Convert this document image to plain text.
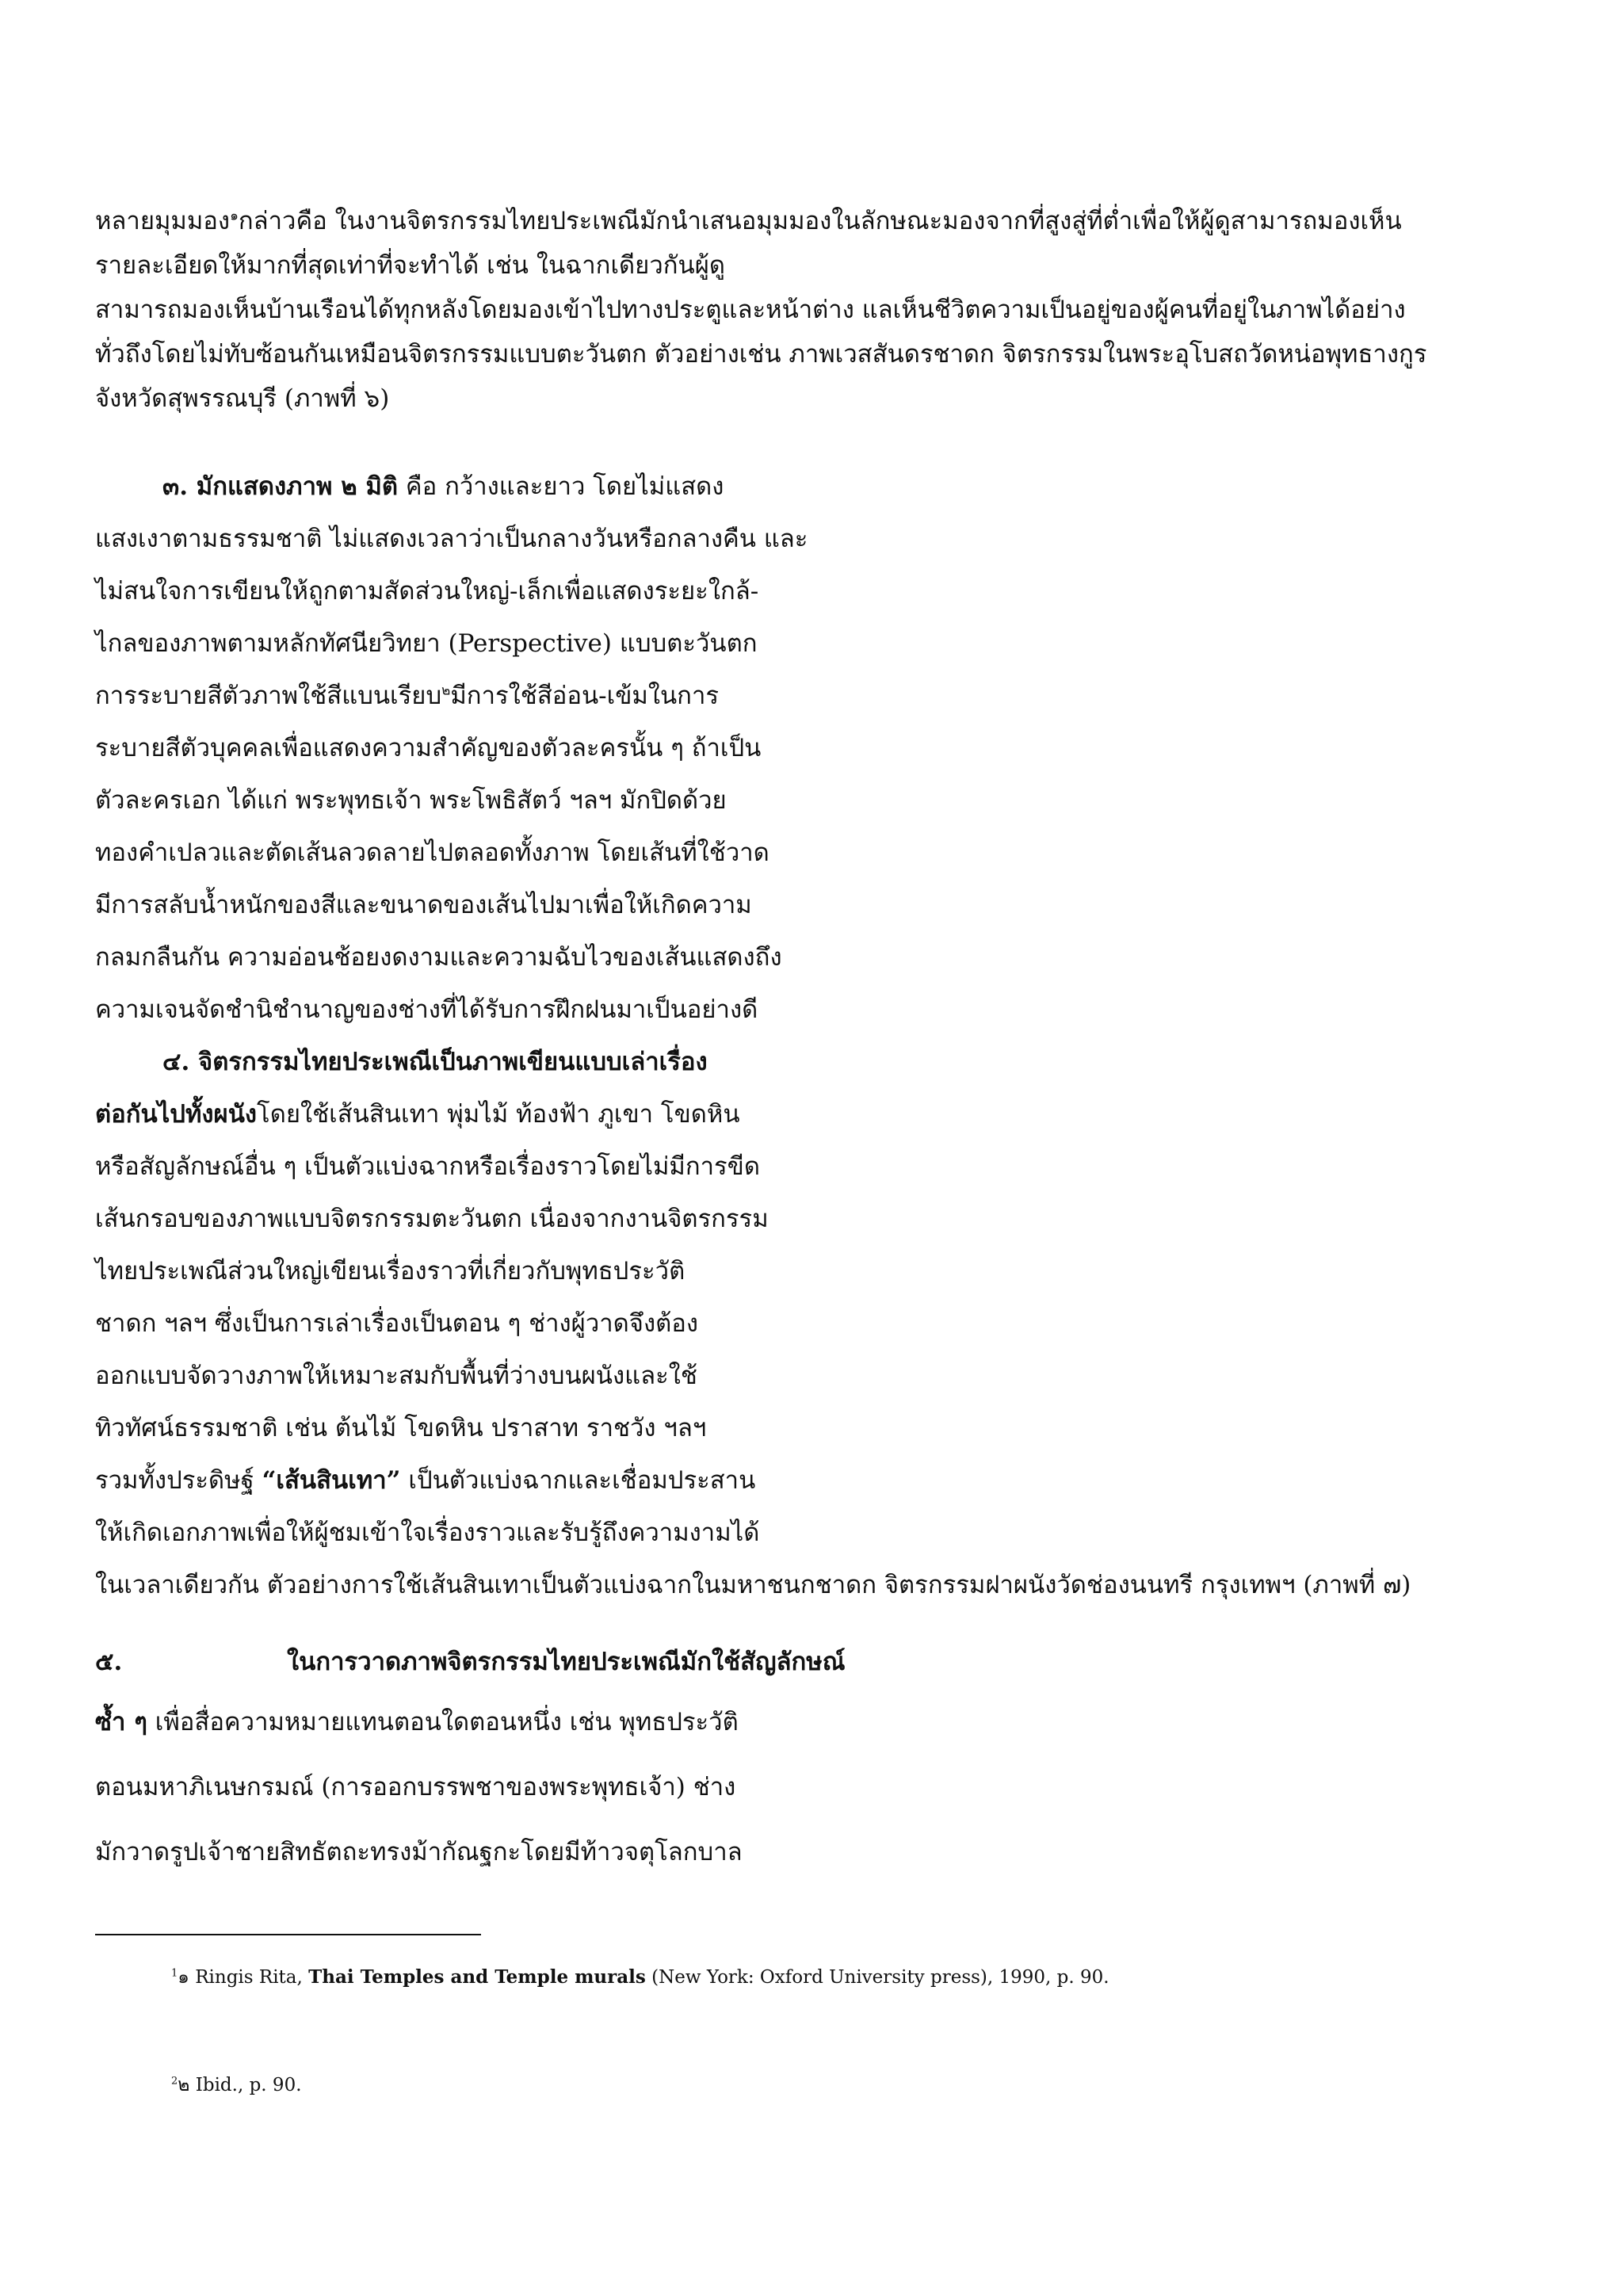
หลายมุมมอง$^๑$กล่าวคือ ในงานจิตรกรรมไทยประเพณีมักนำเสนอมุมมองในลักษณะมองจากที่สูงสู่ที่ต่ำเพื่อให้ผู้ดูสามารถมองเห็น

รายละเอียดให้มากที่สุดเท่าที่จะทำได้ เช่น ในฉากเดียวกันผู้ดู

สามารถมองเห็นบ้านเรือนได้ทุกหลังโดยมองเข้าไปทางประตูและหน้าต่าง แลเห็นชีวิตความเป็นอยู่ของผู้คนที่อยู่ในภาพได้อย่าง

ทั่วถึงโดยไม่ทับซ้อนกันเหมือนจิตรกรรมแบบตะวันตก ตัวอย่างเช่น ภาพเวสสันดรชาดก จิตรกรรมในพระอุโบสถวัดหน่อพุทธางกูร

จังหวัดสุพรรณบุรี (ภาพที่ ๖)

๓. มักแสดงภาพ ๒ มิติ คือ กว้างและยาว โดยไม่แสดง

แสงเงาตามธรรมชาติ ไม่แสดงเวลาว่าเป็นกลางวันหรือกลางคืน และ

ไม่สนใจการเขียนให้ถูกตามสัดส่วนใหญ่-เล็กเพื่อแสดงระยะใกล้-

ไกลของภาพตามหลักทัศนียวิทยา (Perspective) แบบตะวันตก

การระบายสีตัวภาพใช้สีแบนเรียบ$^๒$มีการใช้สีอ่อน-เข้มในการ

ระบายสีตัวบุคคลเพื่อแสดงความสำคัญของตัวละครนั้น ๆ ถ้าเป็น

ตัวละครเอก ได้แก่ พระพุทธเจ้า พระโพธิสัตว์ ฯลฯ มักปิดด้วย

ทองคำเปลวและตัดเส้นลวดลายไปตลอดทั้งภาพ โดยเส้นที่ใช้วาด

มีการสลับน้ำหนักของสีและขนาดของเส้นไปมาเพื่อให้เกิดความ

กลมกลืนกัน ความอ่อนช้อยงดงามและความฉับไวของเส้นแสดงถึง

ความเจนจัดชำนิชำนาญของช่างที่ได้รับการฝึกฝนมาเป็นอย่างดี

๔. จิตรกรรมไทยประเพณีเป็นภาพเขียนแบบเล่าเรื่อง

ต่อกันไปทั้งผนังโดยใช้เส้นสินเทา พุ่มไม้ ท้องฟ้า ภูเขา โขดหิน

หรือสัญลักษณ์อื่น ๆ เป็นตัวแบ่งฉากหรือเรื่องราวโดยไม่มีการขีด

เส้นกรอบของภาพแบบจิตรกรรมตะวันตก เนื่องจากงานจิตรกรรม

ไทยประเพณีส่วนใหญ่เขียนเรื่องราวที่เกี่ยวกับพุทธประวัติ

ชาดก ฯลฯ ซึ่งเป็นการเล่าเรื่องเป็นตอน ๆ ช่างผู้วาดจึงต้อง

ออกแบบจัดวางภาพให้เหมาะสมกับพื้นที่ว่างบนผนังและใช้

ทิวทัศน์ธรรมชาติ เช่น ต้นไม้ โขดหิน ปราสาท ราชวัง ฯลฯ

รวมทั้งประดิษฐ์ “เส้นสินเทา” เป็นตัวแบ่งฉากและเชื่อมประสาน

ให้เกิดเอกภาพเพื่อให้ผู้ชมเข้าใจเรื่องราวและรับรู้ถึงความงามได้

ในเวลาเดียวกัน ตัวอย่างการใช้เส้นสินเทาเป็นตัวแบ่งฉากในมหาชนกชาดก จิตรกรรมฝาผนังวัดช่องนนทรี กรุงเทพฯ (ภาพที่ ๗)

๕.	ในการวาดภาพจิตรกรรมไทยประเพณีมักใช้สัญลักษณ์

ซ้ำ ๆ เพื่อสื่อความหมายแทนตอนใดตอนหนึ่ง เช่น พุทธประวัติ

ตอนมหาภิเนษกรมณ์ (การออกบรรพชาของพระพุทธเจ้า) ช่าง

มักวาดรูปเจ้าชายสิทธัตถะทรงม้ากัณฐกะโดยมีท้าวจตุโลกบาล

$^1$๑ Ringis Rita, Thai Temples and Temple murals (New York: Oxford University press), 1990, p. 90.

$^2$๒ Ibid., p. 90.
